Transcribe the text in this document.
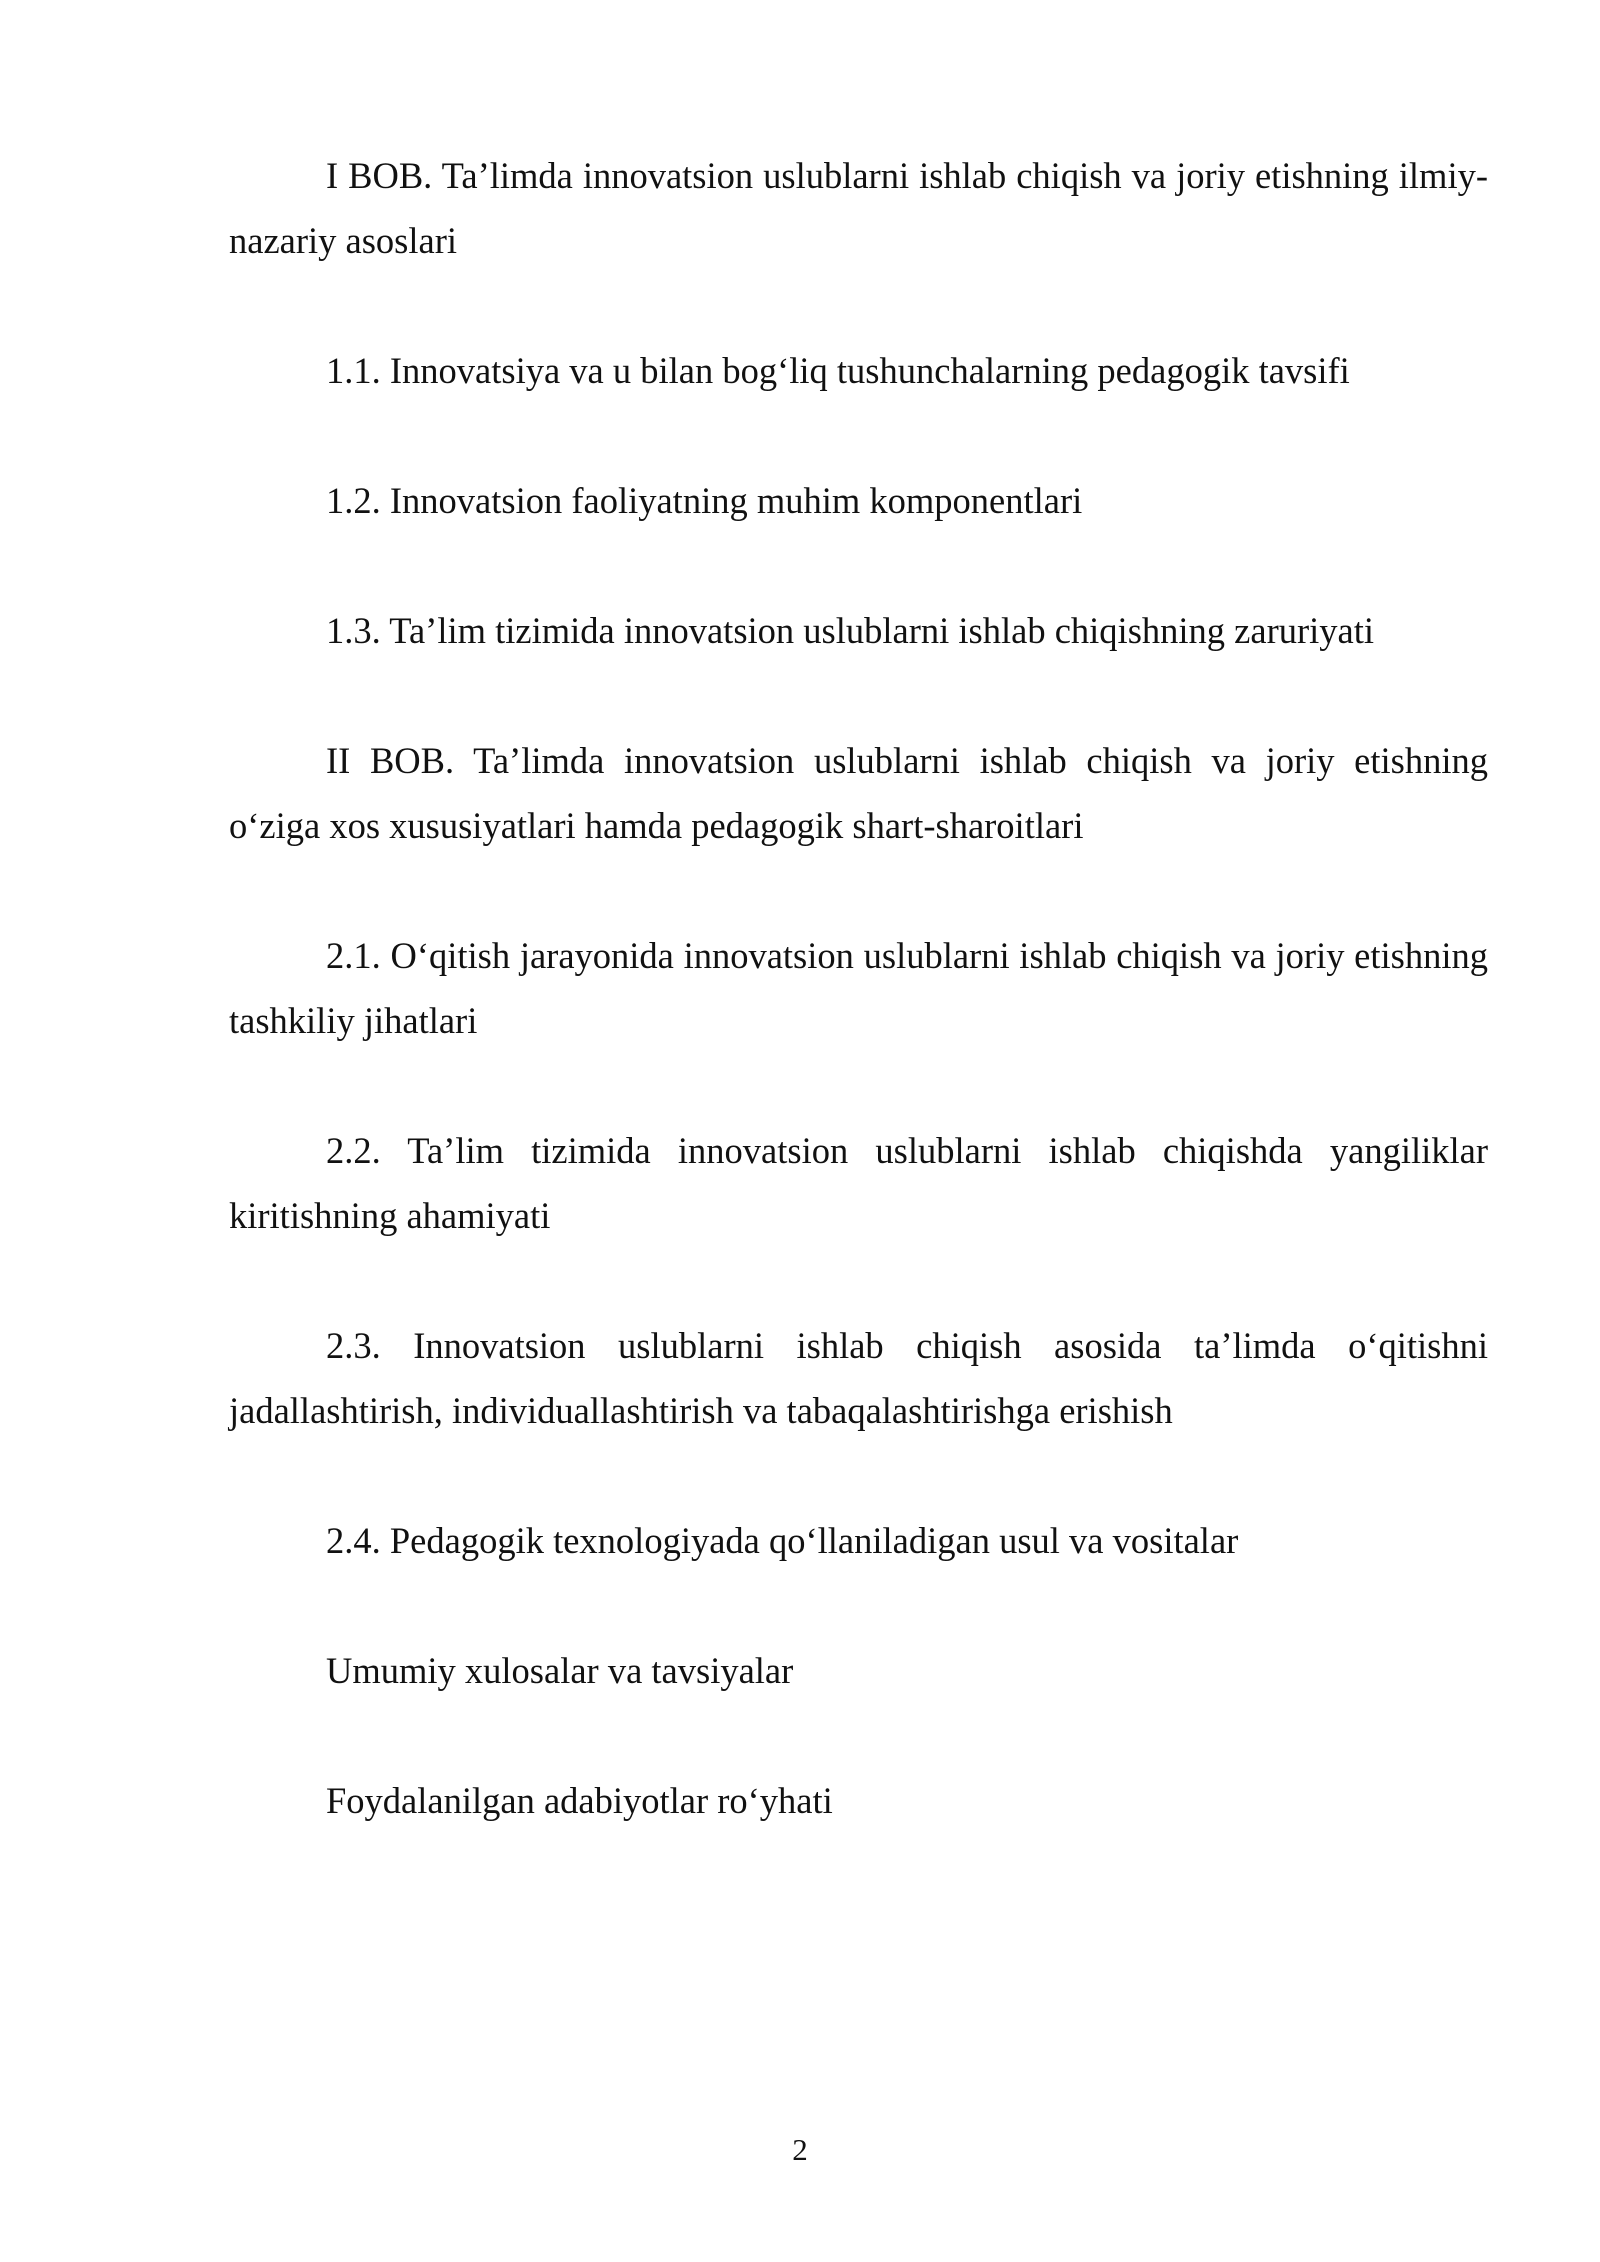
I BOB. Ta’limda innovatsion uslublarni ishlab chiqish va joriy etishning ilmiy-nazariy asoslari

1.1. Innovatsiya va u bilan bog‘liq tushunchalarning pedagogik tavsifi

1.2. Innovatsion faoliyatning muhim komponentlari

1.3. Ta’lim tizimida innovatsion uslublarni ishlab chiqishning zaruriyati

II BOB. Ta’limda innovatsion uslublarni ishlab chiqish va joriy etishning o‘ziga xos xususiyatlari hamda pedagogik shart-sharoitlari

2.1. O‘qitish jarayonida innovatsion uslublarni ishlab chiqish va joriy etishning tashkiliy jihatlari

2.2. Ta’lim tizimida innovatsion uslublarni ishlab chiqishda yangiliklar kiritishning ahamiyati

2.3. Innovatsion uslublarni ishlab chiqish asosida ta’limda o‘qitishni jadallashtirish, individuallashtirish va tabaqalashtirishga erishish

2.4. Pedagogik texnologiyada qo‘llaniladigan usul va vositalar

Umumiy xulosalar va tavsiyalar

Foydalanilgan adabiyotlar ro‘yhati

2
